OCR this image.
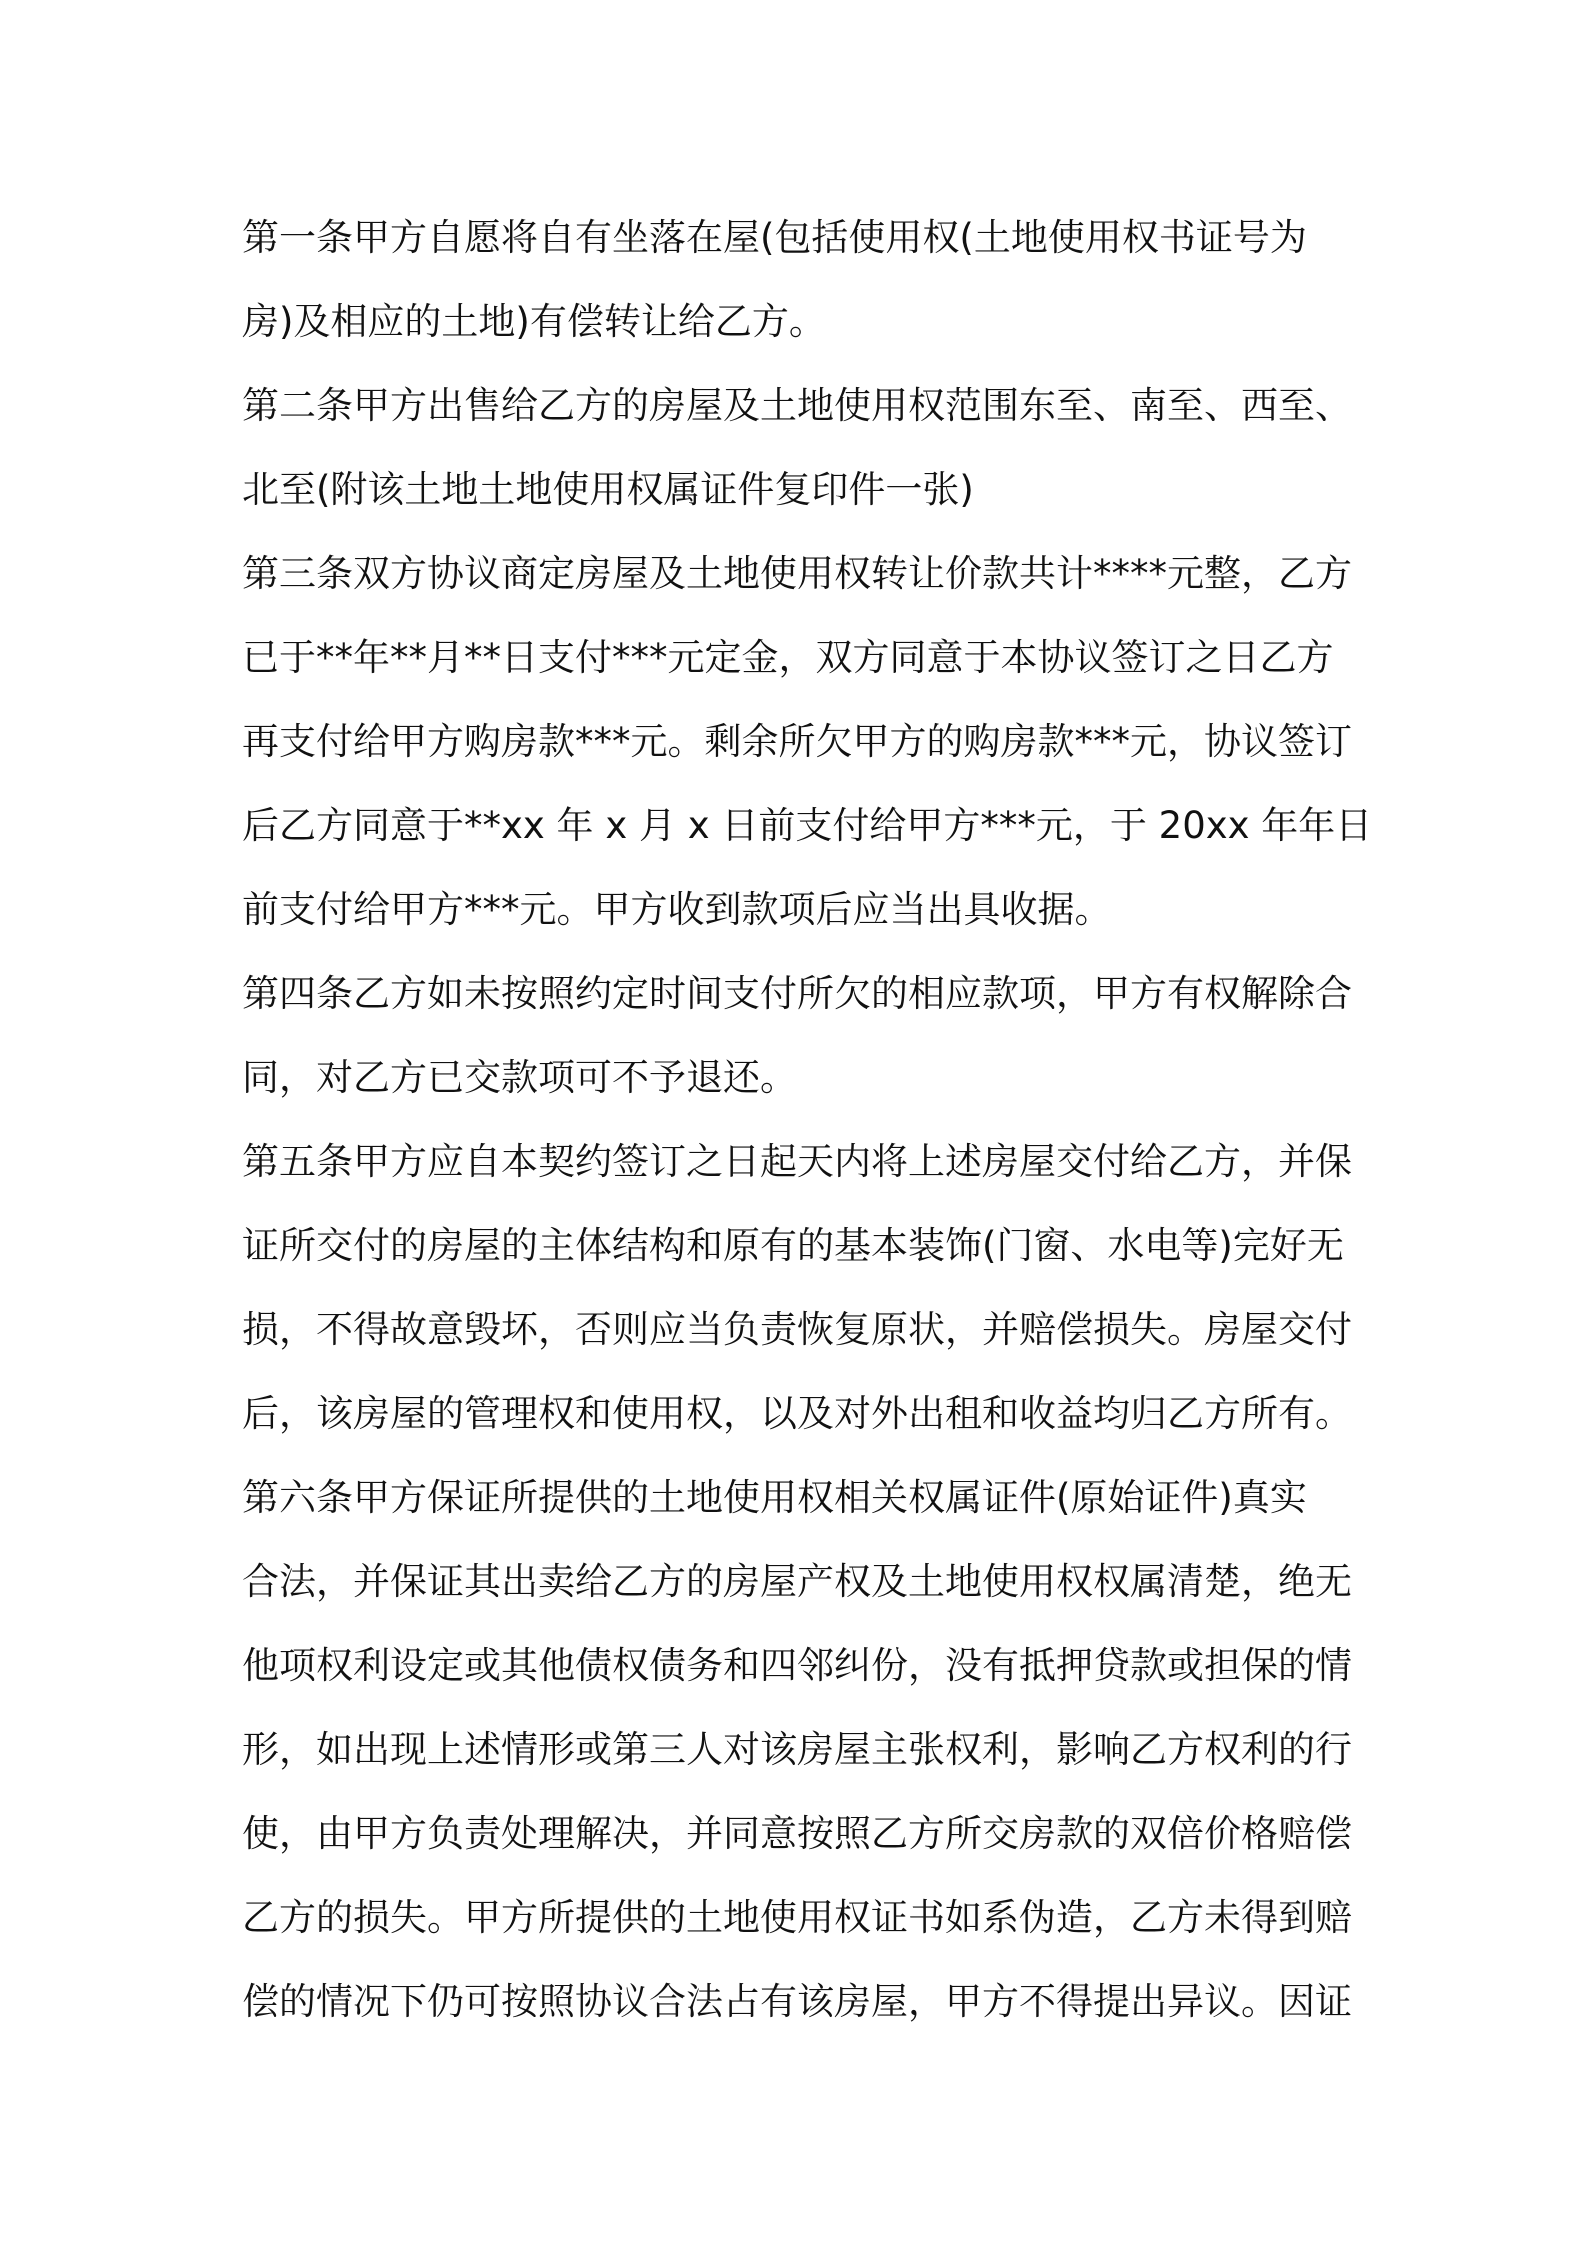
第一条甲方自愿将自有坐落在屋(包括使用权(土地使用权书证号为
房)及相应的土地)有偿转让给乙方。
第二条甲方出售给乙方的房屋及土地使用权范围东至、南至、西至、
北至(附该土地土地使用权属证件复印件一张)
第三条双方协议商定房屋及土地使用权转让价款共计****元整，乙方
已于**年**月**日支付***元定金，双方同意于本协议签订之日乙方
再支付给甲方购房款***元。剩余所欠甲方的购房款***元，协议签订
后乙方同意于**xx 年 x 月 x 日前支付给甲方***元，于 20xx 年年日
前支付给甲方***元。甲方收到款项后应当出具收据。
第四条乙方如未按照约定时间支付所欠的相应款项，甲方有权解除合
同，对乙方已交款项可不予退还。
第五条甲方应自本契约签订之日起天内将上述房屋交付给乙方，并保
证所交付的房屋的主体结构和原有的基本装饰(门窗、水电等)完好无
损，不得故意毁坏，否则应当负责恢复原状，并赔偿损失。房屋交付
后，该房屋的管理权和使用权，以及对外出租和收益均归乙方所有。
第六条甲方保证所提供的土地使用权相关权属证件(原始证件)真实
合法，并保证其出卖给乙方的房屋产权及土地使用权权属清楚，绝无
他项权利设定或其他债权债务和四邻纠份，没有抵押贷款或担保的情
形，如出现上述情形或第三人对该房屋主张权利，影响乙方权利的行
使，由甲方负责处理解决，并同意按照乙方所交房款的双倍价格赔偿
乙方的损失。甲方所提供的土地使用权证书如系伪造，乙方未得到赔
偿的情况下仍可按照协议合法占有该房屋，甲方不得提出异议。因证
